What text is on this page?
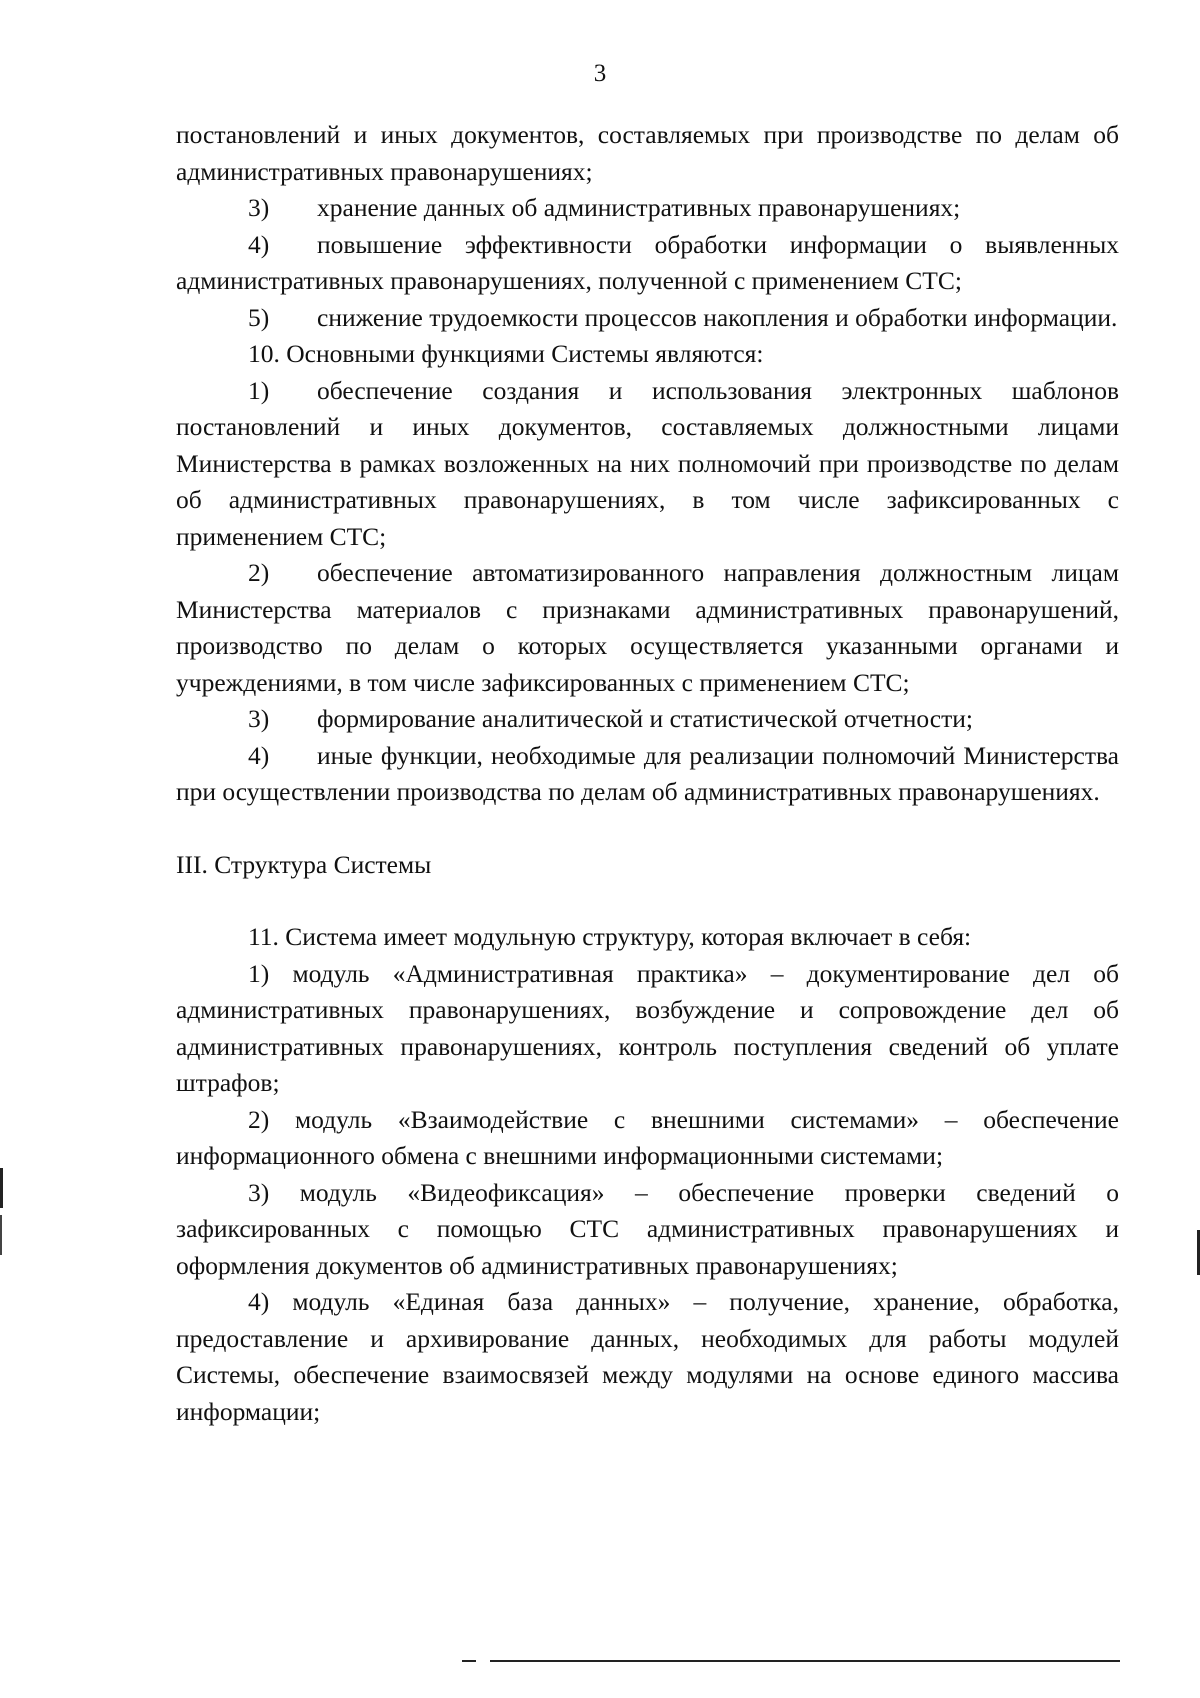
3

постановлений и иных документов, составляемых при производстве по делам об административных правонарушениях;

3) хранение данных об административных правонарушениях;

4) повышение эффективности обработки информации о выявленных административных правонарушениях, полученной с применением СТС;

5) снижение трудоемкости процессов накопления и обработки информации.

10. Основными функциями Системы являются:

1) обеспечение создания и использования электронных шаблонов постановлений и иных документов, составляемых должностными лицами Министерства в рамках возложенных на них полномочий при производстве по делам об административных правонарушениях, в том числе зафиксированных с применением СТС;

2) обеспечение автоматизированного направления должностным лицам Министерства материалов с признаками административных правонарушений, производство по делам о которых осуществляется указанными органами и учреждениями, в том числе зафиксированных с применением СТС;

3) формирование аналитической и статистической отчетности;

4) иные функции, необходимые для реализации полномочий Министерства при осуществлении производства по делам об административных правонарушениях.

III. Структура Системы

11. Система имеет модульную структуру, которая включает в себя:

1) модуль «Административная практика» – документирование дел об административных правонарушениях, возбуждение и сопровождение дел об административных правонарушениях, контроль поступления сведений об уплате штрафов;

2) модуль «Взаимодействие с внешними системами» – обеспечение информационного обмена с внешними информационными системами;

3) модуль «Видеофиксация» – обеспечение проверки сведений о зафиксированных с помощью СТС административных правонарушениях и оформления документов об административных правонарушениях;

4) модуль «Единая база данных» – получение, хранение, обработка, предоставление и архивирование данных, необходимых для работы модулей Системы, обеспечение взаимосвязей между модулями на основе единого массива информации;
